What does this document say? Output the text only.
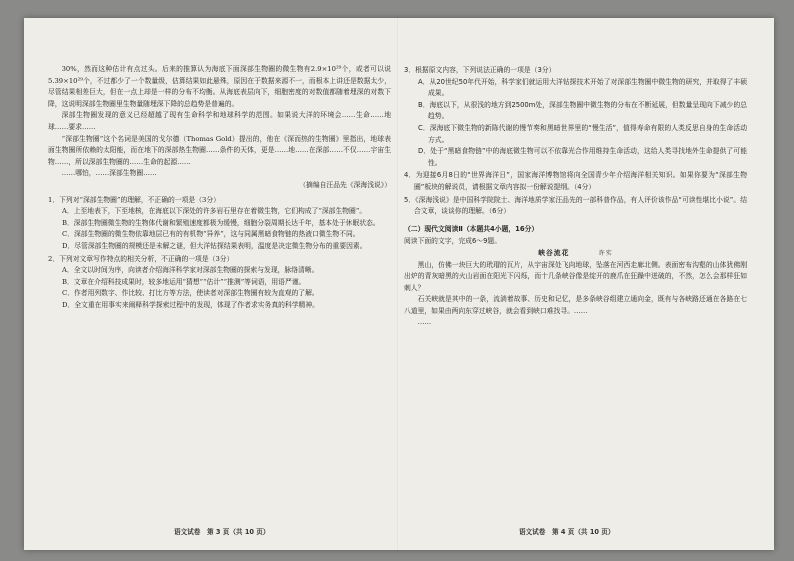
30%，然而这种估计有点过头。后来的推算认为海底下面深部生物圈的微生物有2.9×10²⁹个，或者可以说5.39×10²⁹个，不过都少了一个数量级，估算结果如此悬殊，原因在于数据来源不一，而根本上讲还是数据太少，尽管结果相差巨大，但在一点上却是一样的分布不均衡。从海底表层向下，细胞密度的对数值都随着埋深的对数下降，这说明深部生物圈里生物量随埋深下降的总趋势是普遍的。

深部生物圈发现的意义已经超越了现有生命科学和地球科学的范围。如果说大洋的环境会……生命……地球……要求……

“深部生物圈”这个名词是美国的戈尔德（Thomas Gold）提出的，他在《深而热的生物圈》里指出，地球表面生物圈所依赖的太阳能，而在地下的深部热生物圈……条件的天体，更是……地……在深部……不仅……宇宙生物……，所以深部生物圈的……生命的起源……

……哪怕，……深部生物圈……

（摘编自汪品先《深海浅说》）

1．下列对“深部生物圈”的理解，不正确的一项是（3分）

A．上至地表下，下至地核，在海底以下深处的许多岩石里存在着微生物，它们构成了“深部生物圈”。

B．深部生物圈微生物的生物体代谢和繁殖速度都极为缓慢，细胞分裂周期长达千年，基本处于休眠状态。

C．深部生物圈的微生物依靠地层已有的有机物“异养”，这与同属黑暗食物链的热液口微生物不同。

D．尽管深部生物圈的规模还是未解之谜，但大洋钻探结果表明，温度是决定微生物分布的重要因素。

2．下列对文章写作特点的相关分析，不正确的一项是（3分）

A．全文以时间为序，向读者介绍海洋科学家对深部生物圈的探索与发现，脉络清晰。

B．文章在介绍科技成果时，较多地运用“猜想”“估计”“推测”等词语，用语严谨。

C．作者用列数字、作比较、打比方等方法，使读者对深部生物圈有较为直观的了解。

D．全文重在用事实来阐释科学探索过程中的发现，体现了作者求实务真的科学精神。

3．根据原文内容，下列说法正确的一项是（3分）

A．从20世纪50年代开始，科学家们就运用大洋钻探技术开始了对深部生物圈中微生物的研究，并取得了丰硕成果。

B．海底以下，从很浅的地方到2500m处，深部生物圈中微生物的分布在不断延展，但数量呈现向下减少的总趋势。

C．深海底下微生物的新陈代谢的慢节奏和黑暗世界里的“慢生活”，值得寿命有限的人类反思自身的生命活动方式。

D．处于“黑暗食物链”中的海底微生物可以不依靠光合作用维持生命活动，这给人类寻找地外生命提供了可能性。

4．为迎接6月8日的“世界海洋日”，国家海洋博物馆将向全国青少年介绍海洋相关知识。如果你要为“深部生物圈”板块的解说员，请根据文章内容拟一份解说提纲。（4分）

5．《深海浅说》是中国科学院院士、海洋地质学家汪品先的一部科普作品，有人评价该作品“可读性堪比小说”。结合文章，谈谈你的理解。（6分）

（二）现代文阅读Ⅱ（本题共4小题，16分）

阅读下面的文字，完成6～9题。

峡谷流花	许实

黑山，仿佛一块巨大的玳瑁的瓦片，从宇宙深处飞向地球，坠落在河西走廊北侧。表面密布沟壑的山体犹佛刚出炉的青灰暗黑的火山岩面在阳光下闪烁，而十几条峡谷像是绽开的鹿爪在狂躁中迸破的，不然，怎么会那样狂如刺人？

石关峡就是其中的一条，流淌着故事、历史和记忆，是多条峡谷组建立通向金，既有与各峡路还通在各路在七八道里，如果由两向东穿过峡谷，就会看到峡口难找寻。……

……

语文试卷　第 3 页（共 10 页）	语文试卷　第 4 页（共 10 页）
